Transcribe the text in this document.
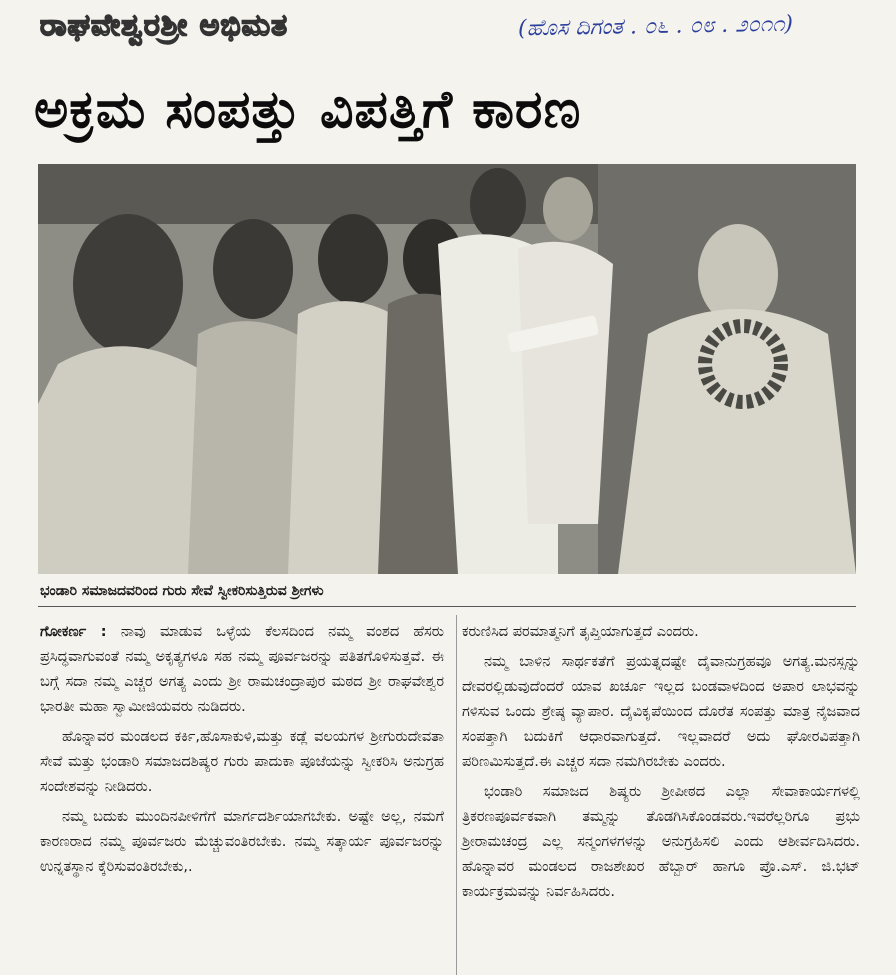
ರಾಘವೇಶ್ವರಶ್ರೀ ಅಭಿಮತ	(ಹೊಸ ದಿಗಂತ . ೦೬ . ೦೮ . ೨೦೧೧)
ಅಕ್ರಮ ಸಂಪತ್ತು ವಿಪತ್ತಿಗೆ ಕಾರಣ
ಭಂಡಾರಿ ಸಮಾಜದವರಿಂದ ಗುರು ಸೇವೆ ಸ್ವೀಕರಿಸುತ್ತಿರುವ ಶ್ರೀಗಳು

ಗೋಕರ್ಣ : ನಾವು ಮಾಡುವ ಒಳ್ಳೆಯ ಕೆಲಸದಿಂದ ನಮ್ಮ ವಂಶದ ಹೆಸರು ಪ್ರಸಿದ್ಧವಾಗುವಂತೆ ನಮ್ಮ ಅಕೃತ್ಯಗಳೂ ಸಹ ನಮ್ಮ ಪೂರ್ವಜರನ್ನು ಪತಿತಗೊಳಿಸುತ್ತವೆ. ಈ ಬಗ್ಗೆ ಸದಾ ನಮ್ಮ ಎಚ್ಚರ ಅಗತ್ಯ ಎಂದು ಶ್ರೀ ರಾಮಚಂದ್ರಾಪುರ ಮಠದ ಶ್ರೀ ರಾಘವೇಶ್ವರ ಭಾರತೀ ಮಹಾ ಸ್ವಾಮೀಜಿಯವರು ನುಡಿದರು.

ಹೊನ್ನಾವರ ಮಂಡಲದ ಕರ್ಕಿ,ಹೊಸಾಕುಳಿ,ಮತ್ತು ಕಡ್ಲೆ ವಲಯಗಳ ಶ್ರೀಗುರುದೇವತಾ ಸೇವೆ ಮತ್ತು ಭಂಡಾರಿ ಸಮಾಜದಶಿಷ್ಯರ ಗುರು ಪಾದುಕಾ ಪೂಜೆಯನ್ನು ಸ್ವೀಕರಿಸಿ ಅನುಗ್ರಹ ಸಂದೇಶವನ್ನು ನೀಡಿದರು.

ನಮ್ಮ ಬದುಕು ಮುಂದಿನಪೀಳಿಗೆಗೆ ಮಾರ್ಗದರ್ಶಿಯಾಗಬೇಕು. ಅಷ್ಟೇ ಅಲ್ಲ, ನಮಗೆ ಕಾರಣರಾದ ನಮ್ಮ ಪೂರ್ವಜರು ಮೆಚ್ಚುವಂತಿರಬೇಕು. ನಮ್ಮ ಸತ್ಕಾರ್ಯ ಪೂರ್ವಜರನ್ನು ಉನ್ನತಸ್ಥಾನ ಕ್ಕೆರಿಸುವಂತಿರಬೇಕು,.

ಕರುಣಿಸಿದ ಪರಮಾತ್ಮನಿಗೆ ತೃಪ್ತಿಯಾಗುತ್ತದೆ ಎಂದರು.

ನಮ್ಮ ಬಾಳಿನ ಸಾರ್ಥಕತೆಗೆ ಪ್ರಯತ್ನದಷ್ಟೇ ದೈವಾನುಗ್ರಹವೂ ಅಗತ್ಯ.ಮನಸ್ಸನ್ನು ದೇವರಲ್ಲಿಡುವುದೆಂದರೆ ಯಾವ ಖರ್ಚೂ ಇಲ್ಲದ ಬಂಡವಾಳದಿಂದ ಅಪಾರ ಲಾಭವನ್ನು ಗಳಿಸುವ ಒಂದು ಶ್ರೇಷ್ಠ ವ್ಯಾಪಾರ. ದೈವಿಕೃಪೆಯಿಂದ ದೊರೆತ ಸಂಪತ್ತು ಮಾತ್ರ ನೈಜವಾದ ಸಂಪತ್ತಾಗಿ ಬದುಕಿಗೆ ಆಧಾರವಾಗುತ್ತದೆ. ಇಲ್ಲವಾದರೆ ಅದು ಘೋರವಿಪತ್ತಾಗಿ ಪರಿಣಮಿಸುತ್ತದೆ.ಈ ಎಚ್ಚರ ಸದಾ ನಮಗಿರಬೇಕು ಎಂದರು.

ಭಂಡಾರಿ ಸಮಾಜದ ಶಿಷ್ಯರು ಶ್ರೀಪೀಠದ ಎಲ್ಲಾ ಸೇವಾಕಾರ್ಯಗಳಲ್ಲಿ ತ್ರಿಕರಣಪೂರ್ವಕವಾಗಿ ತಮ್ಮನ್ನು ತೊಡಗಿಸಿಕೊಂಡವರು.ಇವರೆಲ್ಲರಿಗೂ ಪ್ರಭು ಶ್ರೀರಾಮಚಂದ್ರ ಎಲ್ಲ ಸನ್ಮಂಗಳಗಳನ್ನು ಅನುಗ್ರಹಿಸಲಿ ಎಂದು ಆಶೀರ್ವದಿಸಿದರು. ಹೊನ್ನಾವರ ಮಂಡಲದ ರಾಜಶೇಖರ ಹೆಬ್ಬಾರ್ ಹಾಗೂ ಪ್ರೊ.ಎಸ್. ಜಿ.ಭಟ್ ಕಾರ್ಯಕ್ರಮವನ್ನು ನಿರ್ವಹಿಸಿದರು.
